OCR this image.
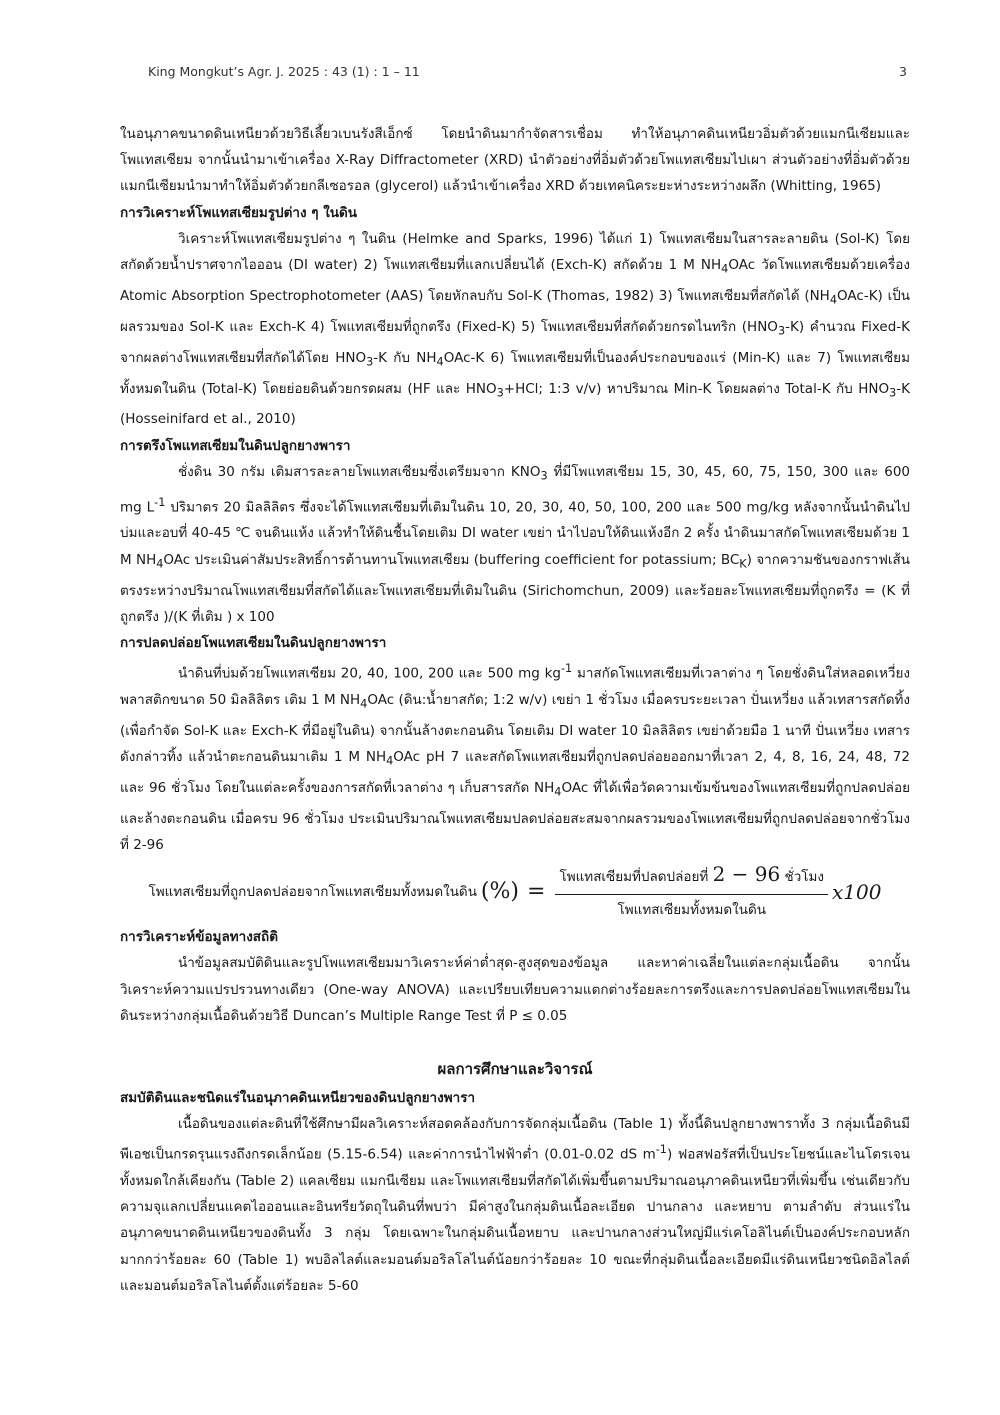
King Mongkut’s Agr. J. 2025 : 43 (1) : 1 – 11	3

ในอนุภาคขนาดดินเหนียวด้วยวิธีเลี้ยวเบนรังสีเอ็กซ์ โดยนำดินมากำจัดสารเชื่อม ทำให้อนุภาคดินเหนียวอิ่มตัวด้วยแมกนีเซียมและโพแทสเซียม จากนั้นนำมาเข้าเครื่อง X-Ray Diffractometer (XRD) นำตัวอย่างที่อิ่มตัวด้วยโพแทสเซียมไปเผา ส่วนตัวอย่างที่อิ่มตัวด้วยแมกนีเซียมนำมาทำให้อิ่มตัวด้วยกลีเซอรอล (glycerol) แล้วนำเข้าเครื่อง XRD ด้วยเทคนิคระยะห่างระหว่างผลึก (Whitting, 1965)

การวิเคราะห์โพแทสเซียมรูปต่าง ๆ ในดิน

วิเคราะห์โพแทสเซียมรูปต่าง ๆ ในดิน (Helmke and Sparks, 1996) ได้แก่ 1) โพแทสเซียมในสารละลายดิน (Sol-K) โดยสกัดด้วยน้ำปราศจากไอออน (DI water) 2) โพแทสเซียมที่แลกเปลี่ยนได้ (Exch-K) สกัดด้วย 1 M $NH_4OAc$ วัดโพแทสเซียมด้วยเครื่อง Atomic Absorption Spectrophotometer (AAS) โดยหักลบกับ Sol-K (Thomas, 1982) 3) โพแทสเซียมที่สกัดได้ $(NH_4OAc-K)$ เป็นผลรวมของ Sol-K และ Exch-K 4) โพแทสเซียมที่ถูกตรึง (Fixed-K) 5) โพแทสเซียมที่สกัดด้วยกรดไนทริก $(HNO_3-K)$ คำนวณ Fixed-K จากผลต่างโพแทสเซียมที่สกัดได้โดย $HNO_3-K$ กับ $NH_4OAc-K$ 6) โพแทสเซียมที่เป็นองค์ประกอบของแร่ (Min-K) และ 7) โพแทสเซียมทั้งหมดในดิน (Total-K) โดยย่อยดินด้วยกรดผสม (HF และ $HNO_3+HCl$; 1:3 v/v) หาปริมาณ Min-K โดยผลต่าง Total-K กับ $HNO_3-K$ (Hosseinifard et al., 2010)

การตรึงโพแทสเซียมในดินปลูกยางพารา

ชั่งดิน 30 กรัม เติมสารละลายโพแทสเซียมซึ่งเตรียมจาก $KNO_3$ ที่มีโพแทสเซียม 15, 30, 45, 60, 75, 150, 300 และ 600 mg $L^{-1}$ ปริมาตร 20 มิลลิลิตร ซึ่งจะได้โพแทสเซียมที่เติมในดิน 10, 20, 30, 40, 50, 100, 200 และ 500 mg/kg หลังจากนั้นนำดินไปบ่มและอบที่ 40-45 ℃ จนดินแห้ง แล้วทำให้ดินชื้นโดยเติม DI water เขย่า นำไปอบให้ดินแห้งอีก 2 ครั้ง นำดินมาสกัดโพแทสเซียมด้วย 1 M $NH_4OAc$ ประเมินค่าสัมประสิทธิ์การต้านทานโพแทสเซียม (buffering coefficient for potassium; $BC_K$) จากความชันของกราฟเส้นตรงระหว่างปริมาณโพแทสเซียมที่สกัดได้และโพแทสเซียมที่เติมในดิน (Sirichomchun, 2009) และร้อยละโพแทสเซียมที่ถูกตรึง = (K ที่ถูกตรึง )/(K ที่เติม ) x 100

การปลดปล่อยโพแทสเซียมในดินปลูกยางพารา

นำดินที่บ่มด้วยโพแทสเซียม 20, 40, 100, 200 และ 500 mg $kg^{-1}$ มาสกัดโพแทสเซียมที่เวลาต่าง ๆ โดยชั่งดินใส่หลอดเหวี่ยงพลาสติกขนาด 50 มิลลิลิตร เติม 1 M $NH_4OAc$ (ดิน:น้ำยาสกัด; 1:2 w/v) เขย่า 1 ชั่วโมง เมื่อครบระยะเวลา ปั่นเหวี่ยง แล้วเทสารสกัดทิ้ง (เพื่อกำจัด Sol-K และ Exch-K ที่มีอยู่ในดิน) จากนั้นล้างตะกอนดิน โดยเติม DI water 10 มิลลิลิตร เขย่าด้วยมือ 1 นาที ปั่นเหวี่ยง เทสารดังกล่าวทิ้ง แล้วนำตะกอนดินมาเติม 1 M $NH_4OAc$ pH 7 และสกัดโพแทสเซียมที่ถูกปลดปล่อยออกมาที่เวลา 2, 4, 8, 16, 24, 48, 72 และ 96 ชั่วโมง โดยในแต่ละครั้งของการสกัดที่เวลาต่าง ๆ เก็บสารสกัด $NH_4OAc$ ที่ได้เพื่อวัดความเข้มข้นของโพแทสเซียมที่ถูกปลดปล่อยและล้างตะกอนดิน เมื่อครบ 96 ชั่วโมง ประเมินปริมาณโพแทสเซียมปลดปล่อยสะสมจากผลรวมของโพแทสเซียมที่ถูกปลดปล่อยจากชั่วโมงที่ 2-96

โพแทสเซียมที่ถูกปลดปล่อยจากโพแทสเซียมทั้งหมดในดิน (%) = $\frac{\text{โพแทสเซียมที่ปลดปล่อยที่ 2 − 96 ชั่วโมง}}{\text{โพแทสเซียมทั้งหมดในดิน}} x100$
การวิเคราะห์ข้อมูลทางสถิติ

นำข้อมูลสมบัติดินและรูปโพแทสเซียมมาวิเคราะห์ค่าต่ำสุด-สูงสุดของข้อมูล และหาค่าเฉลี่ยในแต่ละกลุ่มเนื้อดิน จากนั้นวิเคราะห์ความแปรปรวนทางเดียว (One-way ANOVA) และเปรียบเทียบความแตกต่างร้อยละการตรึงและการปลดปล่อยโพแทสเซียมในดินระหว่างกลุ่มเนื้อดินด้วยวิธี Duncan’s Multiple Range Test ที่ P ≤ 0.05

ผลการศึกษาและวิจารณ์
สมบัติดินและชนิดแร่ในอนุภาคดินเหนียวของดินปลูกยางพารา

เนื้อดินของแต่ละดินที่ใช้ศึกษามีผลวิเคราะห์สอดคล้องกับการจัดกลุ่มเนื้อดิน (Table 1) ทั้งนี้ดินปลูกยางพาราทั้ง 3 กลุ่มเนื้อดินมีพีเอชเป็นกรดรุนแรงถึงกรดเล็กน้อย (5.15-6.54) และค่าการนำไฟฟ้าต่ำ (0.01-0.02 dS $m^{-1}$) ฟอสฟอรัสที่เป็นประโยชน์และไนโตรเจนทั้งหมดใกล้เคียงกัน (Table 2) แคลเซียม แมกนีเซียม และโพแทสเซียมที่สกัดได้เพิ่มขึ้นตามปริมาณอนุภาคดินเหนียวที่เพิ่มขึ้น เช่นเดียวกับความจุแลกเปลี่ยนแคตไอออนและอินทรียวัตถุในดินที่พบว่า มีค่าสูงในกลุ่มดินเนื้อละเอียด ปานกลาง และหยาบ ตามลำดับ ส่วนแร่ในอนุภาคขนาดดินเหนียวของดินทั้ง 3 กลุ่ม โดยเฉพาะในกลุ่มดินเนื้อหยาบ และปานกลางส่วนใหญ่มีแร่เคโอลิไนต์เป็นองค์ประกอบหลักมากกว่าร้อยละ 60 (Table 1) พบอิลไลต์และมอนต์มอริลโลไนต์น้อยกว่าร้อยละ 10 ขณะที่กลุ่มดินเนื้อละเอียดมีแร่ดินเหนียวชนิดอิลไลต์และมอนต์มอริลโลไนต์ตั้งแต่ร้อยละ 5-60
